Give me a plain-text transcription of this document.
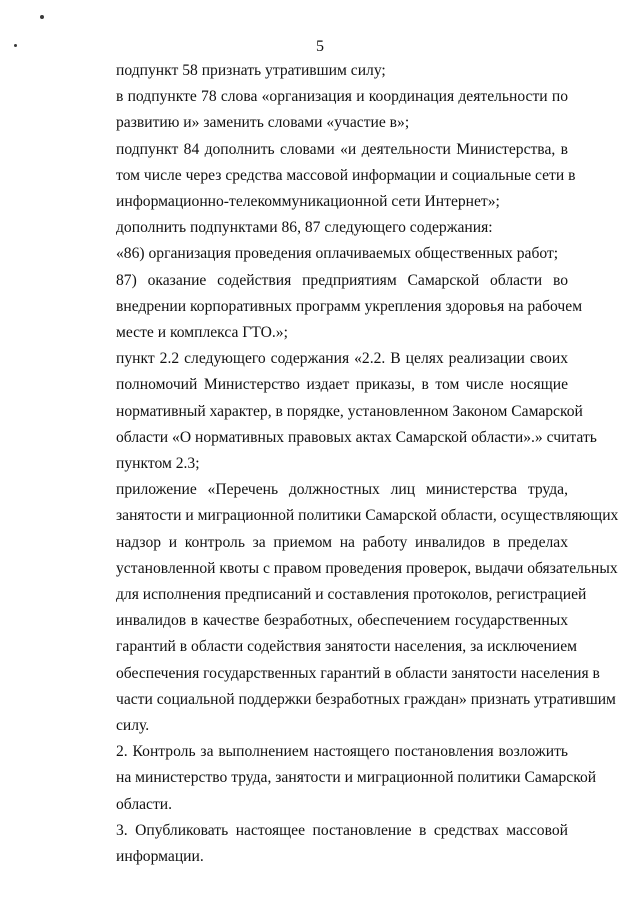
5

подпункт 58 признать утратившим силу;

в подпункте 78 слова «организация и координация деятельности по
развитию и» заменить словами «участие в»;

подпункт 84 дополнить словами «и деятельности Министерства, в
том числе через средства массовой информации и социальные сети в
информационно-телекоммуникационной сети Интернет»;

дополнить подпунктами 86, 87 следующего содержания:

«86) организация проведения оплачиваемых общественных работ;

87) оказание содействия предприятиям Самарской области во
внедрении корпоративных программ укрепления здоровья на рабочем
месте и комплекса ГТО.»;

пункт 2.2 следующего содержания «2.2. В целях реализации своих
полномочий Министерство издает приказы, в том числе носящие
нормативный характер, в порядке, установленном Законом Самарской
области «О нормативных правовых актах Самарской области».» считать
пунктом 2.3;

приложение «Перечень должностных лиц министерства труда,
занятости и миграционной политики Самарской области, осуществляющих
надзор и контроль за приемом на работу инвалидов в пределах
установленной квоты с правом проведения проверок, выдачи обязательных
для исполнения предписаний и составления протоколов, регистрацией
инвалидов в качестве безработных, обеспечением государственных
гарантий в области содействия занятости населения, за исключением
обеспечения государственных гарантий в области занятости населения в
части социальной поддержки безработных граждан» признать утратившим
силу.

2. Контроль за выполнением настоящего постановления возложить
на министерство труда, занятости и миграционной политики Самарской
области.

3. Опубликовать настоящее постановление в средствах массовой
информации.
